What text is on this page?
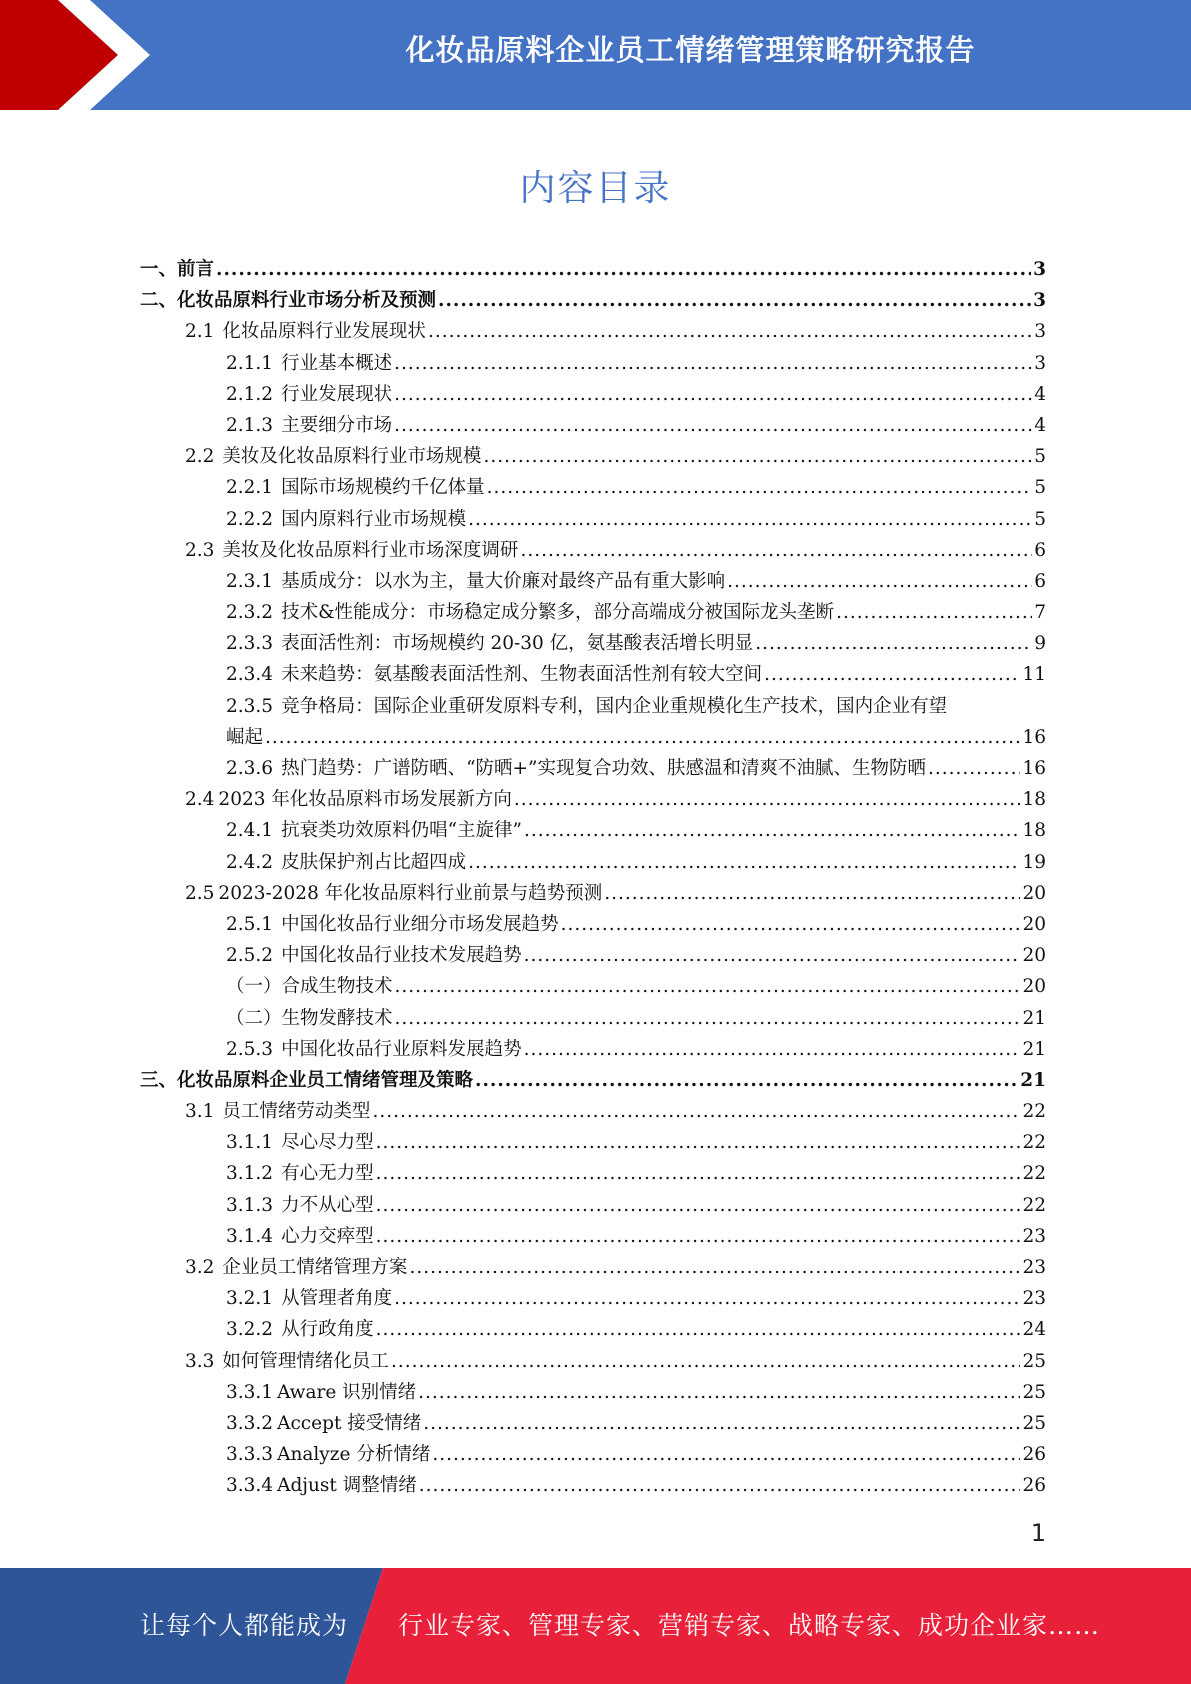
化妆品原料企业员工情绪管理策略研究报告
内容目录
一、 前言 .....	3
二、 化妆品原料行业市场分析及预测 .....	3
2.1 化妆品原料行业发展现状 .....	3
2.1.1 行业基本概述 .....	3
2.1.2 行业发展现状 .....	4
2.1.3 主要细分市场 .....	4
2.2 美妆及化妆品原料行业市场规模 .....	5
2.2.1 国际市场规模约千亿体量 .....	5
2.2.2 国内原料行业市场规模 .....	5
2.3 美妆及化妆品原料行业市场深度调研 .....	6
2.3.1 基质成分：以水为主，量大价廉对最终产品有重大影响 .....	6
2.3.2 技术&性能成分：市场稳定成分繁多，部分高端成分被国际龙头垄断 .....	7
2.3.3 表面活性剂：市场规模约 20-30 亿，氨基酸表活增长明显 .....	9
2.3.4 未来趋势：氨基酸表面活性剂、生物表面活性剂有较大空间 .....	11
2.3.5 竞争格局：国际企业重研发原料专利，国内企业重规模化生产技术，国内企业有望
崛起 .....	16
2.3.6 热门趋势：广谱防晒、“防晒+”实现复合功效、肤感温和清爽不油腻、生物防晒 .....	16
2.4 2023 年化妆品原料市场发展新方向 .....	18
2.4.1 抗衰类功效原料仍唱“主旋律” .....	18
2.4.2 皮肤保护剂占比超四成 .....	19
2.5 2023-2028 年化妆品原料行业前景与趋势预测 .....	20
2.5.1 中国化妆品行业细分市场发展趋势 .....	20
2.5.2 中国化妆品行业技术发展趋势 .....	20
（一）合成生物技术 .....	20
（二）生物发酵技术 .....	21
2.5.3 中国化妆品行业原料发展趋势 .....	21
三、 化妆品原料企业员工情绪管理及策略 .....	21
3.1 员工情绪劳动类型 .....	22
3.1.1 尽心尽力型 .....	22
3.1.2 有心无力型 .....	22
3.1.3 力不从心型 .....	22
3.1.4 心力交瘁型 .....	23
3.2 企业员工情绪管理方案 .....	23
3.2.1 从管理者角度 .....	23
3.2.2 从行政角度 .....	24
3.3 如何管理情绪化员工 .....	25
3.3.1 Aware 识别情绪 .....	25
3.3.2 Accept 接受情绪 .....	25
3.3.3 Analyze 分析情绪 .....	26
3.3.4 Adjust 调整情绪 .....	26
1
让每个人都能成为 行业专家、管理专家、营销专家、战略专家、成功企业家……
